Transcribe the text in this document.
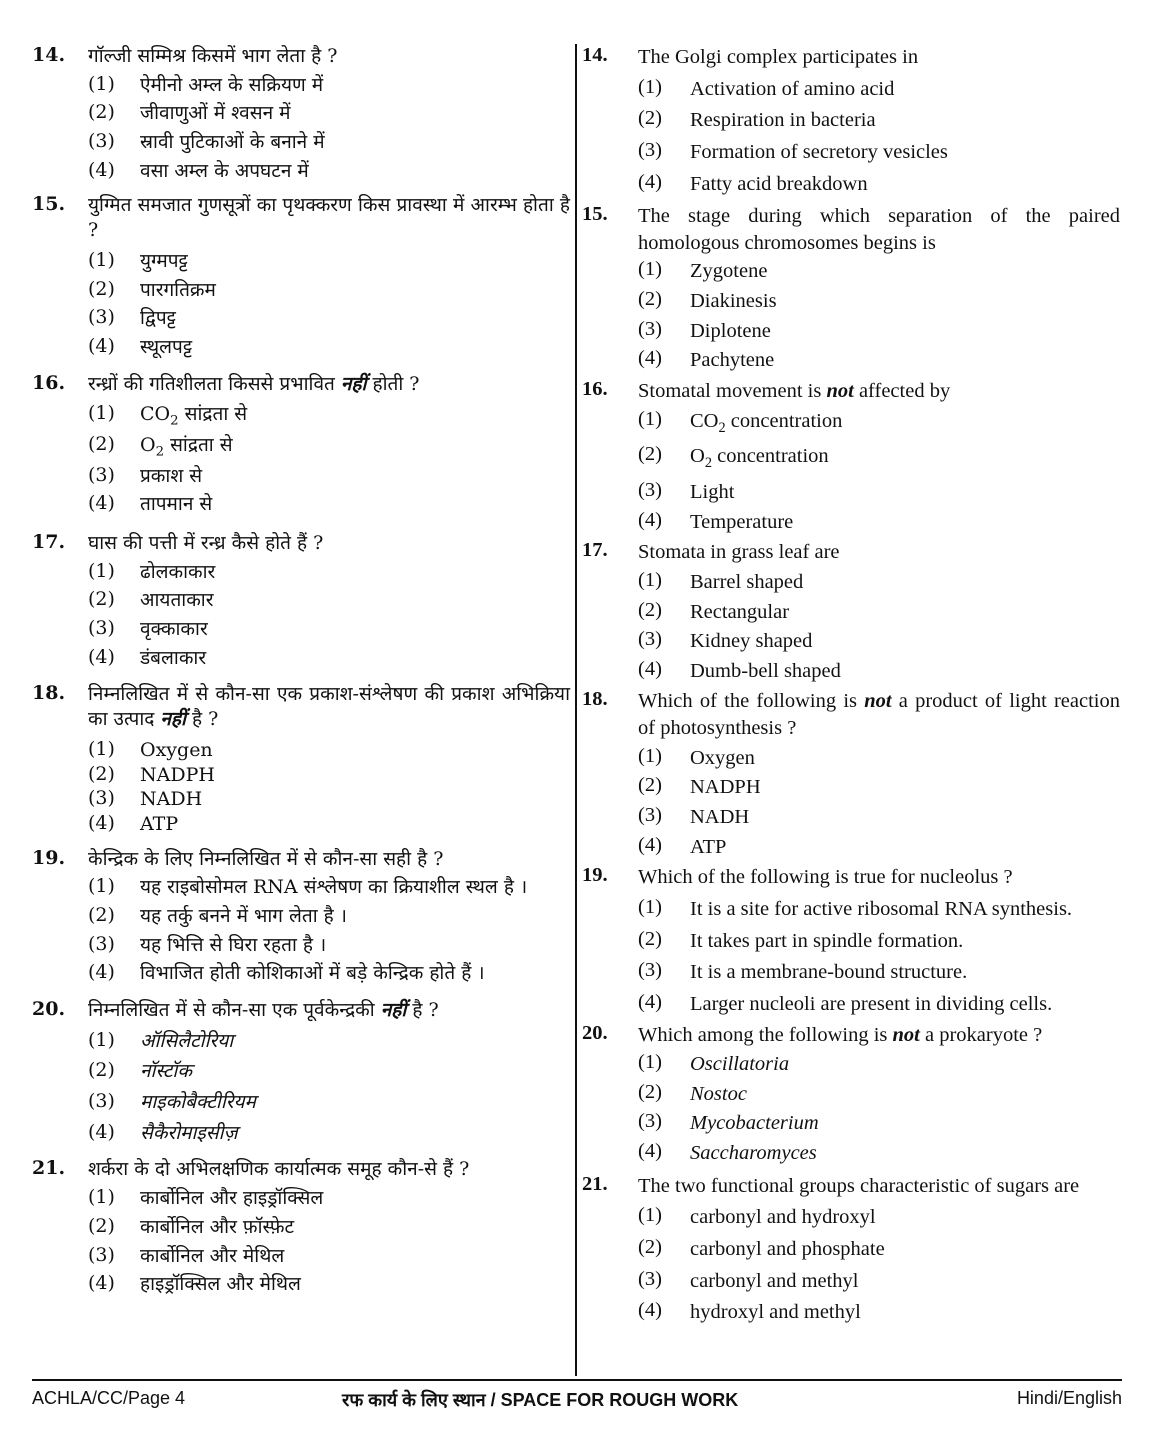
14.	गॉल्जी सम्मिश्र किसमें भाग लेता है ?
(1)	ऐमीनो अम्ल के सक्रियण में
(2)	जीवाणुओं में श्वसन में
(3)	स्रावी पुटिकाओं के बनाने में
(4)	वसा अम्ल के अपघटन में
15.	युग्मित समजात गुणसूत्रों का पृथक्करण किस प्रावस्था में आरम्भ होता है ?
(1)	युग्मपट्ट
(2)	पारगतिक्रम
(3)	द्विपट्ट
(4)	स्थूलपट्ट
16.	रन्ध्रों की गतिशीलता किससे प्रभावित नहीं होती ?
(1)	$CO_2$ सांद्रता से
(2)	$O_2$ सांद्रता से
(3)	प्रकाश से
(4)	तापमान से
17.	घास की पत्ती में रन्ध्र कैसे होते हैं ?
(1)	ढोलकाकार
(2)	आयताकार
(3)	वृक्काकार
(4)	डंबलाकार
18.	निम्नलिखित में से कौन-सा एक प्रकाश-संश्लेषण की प्रकाश अभिक्रिया का उत्पाद नहीं है ?
(1)	Oxygen
(2)	NADPH
(3)	NADH
(4)	ATP
19.	केन्द्रिक के लिए निम्नलिखित में से कौन-सा सही है ?
(1)	यह राइबोसोमल RNA संश्लेषण का क्रियाशील स्थल है ।
(2)	यह तर्कु बनने में भाग लेता है ।
(3)	यह भित्ति से घिरा रहता है ।
(4)	विभाजित होती कोशिकाओं में बड़े केन्द्रिक होते हैं ।
20.	निम्नलिखित में से कौन-सा एक पूर्वकेन्द्रकी नहीं है ?
(1)	ऑसिलैटोरिया
(2)	नॉस्टॉक
(3)	माइकोबैक्टीरियम
(4)	सैकैरोमाइसीज़
21.	शर्करा के दो अभिलक्षणिक कार्यात्मक समूह कौन-से हैं ?
(1)	कार्बोनिल और हाइड्रॉक्सिल
(2)	कार्बोनिल और फ़ॉस्फ़ेट
(3)	कार्बोनिल और मेथिल
(4)	हाइड्रॉक्सिल और मेथिल
14.	The Golgi complex participates in
(1)	Activation of amino acid
(2)	Respiration in bacteria
(3)	Formation of secretory vesicles
(4)	Fatty acid breakdown
15.	The stage during which separation of the paired homologous chromosomes begins is
(1)	Zygotene
(2)	Diakinesis
(3)	Diplotene
(4)	Pachytene
16.	Stomatal movement is not affected by
(1)	$CO_2$ concentration
(2)	$O_2$ concentration
(3)	Light
(4)	Temperature
17.	Stomata in grass leaf are
(1)	Barrel shaped
(2)	Rectangular
(3)	Kidney shaped
(4)	Dumb-bell shaped
18.	Which of the following is not a product of light reaction of photosynthesis ?
(1)	Oxygen
(2)	NADPH
(3)	NADH
(4)	ATP
19.	Which of the following is true for nucleolus ?
(1)	It is a site for active ribosomal RNA synthesis.
(2)	It takes part in spindle formation.
(3)	It is a membrane-bound structure.
(4)	Larger nucleoli are present in dividing cells.
20.	Which among the following is not a prokaryote ?
(1)	Oscillatoria
(2)	Nostoc
(3)	Mycobacterium
(4)	Saccharomyces
21.	The two functional groups characteristic of sugars are
(1)	carbonyl and hydroxyl
(2)	carbonyl and phosphate
(3)	carbonyl and methyl
(4)	hydroxyl and methyl
ACHLA/CC/Page 4	रफ कार्य के लिए स्थान / SPACE FOR ROUGH WORK	Hindi/English
